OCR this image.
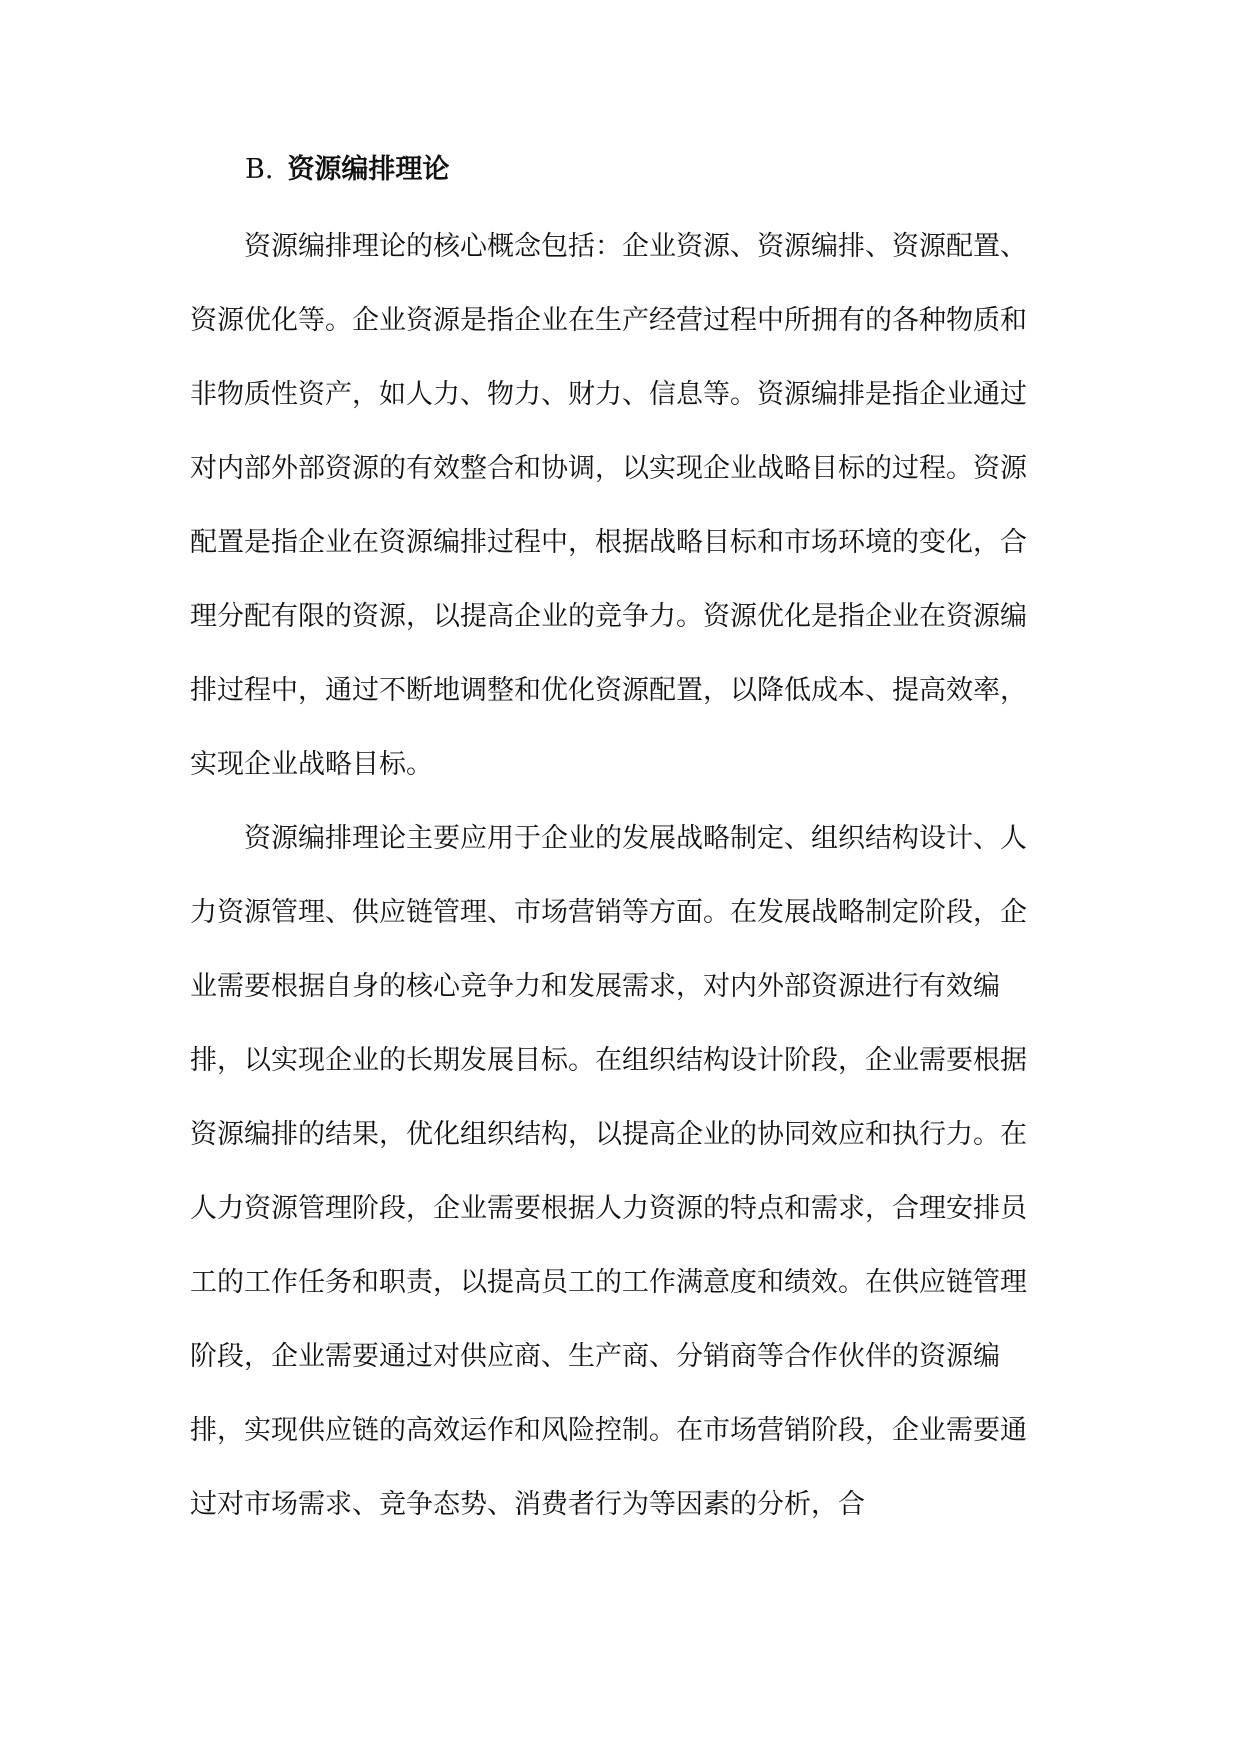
B. 资源编排理论

资源编排理论的核心概念包括：企业资源、资源编排、资源配置、资源优化等。企业资源是指企业在生产经营过程中所拥有的各种物质和非物质性资产，如人力、物力、财力、信息等。资源编排是指企业通过对内部外部资源的有效整合和协调，以实现企业战略目标的过程。资源配置是指企业在资源编排过程中，根据战略目标和市场环境的变化，合理分配有限的资源，以提高企业的竞争力。资源优化是指企业在资源编排过程中，通过不断地调整和优化资源配置，以降低成本、提高效率，实现企业战略目标。

资源编排理论主要应用于企业的发展战略制定、组织结构设计、人力资源管理、供应链管理、市场营销等方面。在发展战略制定阶段，企业需要根据自身的核心竞争力和发展需求，对内外部资源进行有效编排，以实现企业的长期发展目标。在组织结构设计阶段，企业需要根据资源编排的结果，优化组织结构，以提高企业的协同效应和执行力。在人力资源管理阶段，企业需要根据人力资源的特点和需求，合理安排员工的工作任务和职责，以提高员工的工作满意度和绩效。在供应链管理阶段，企业需要通过对供应商、生产商、分销商等合作伙伴的资源编排，实现供应链的高效运作和风险控制。在市场营销阶段，企业需要通过对市场需求、竞争态势、消费者行为等因素的分析，合
